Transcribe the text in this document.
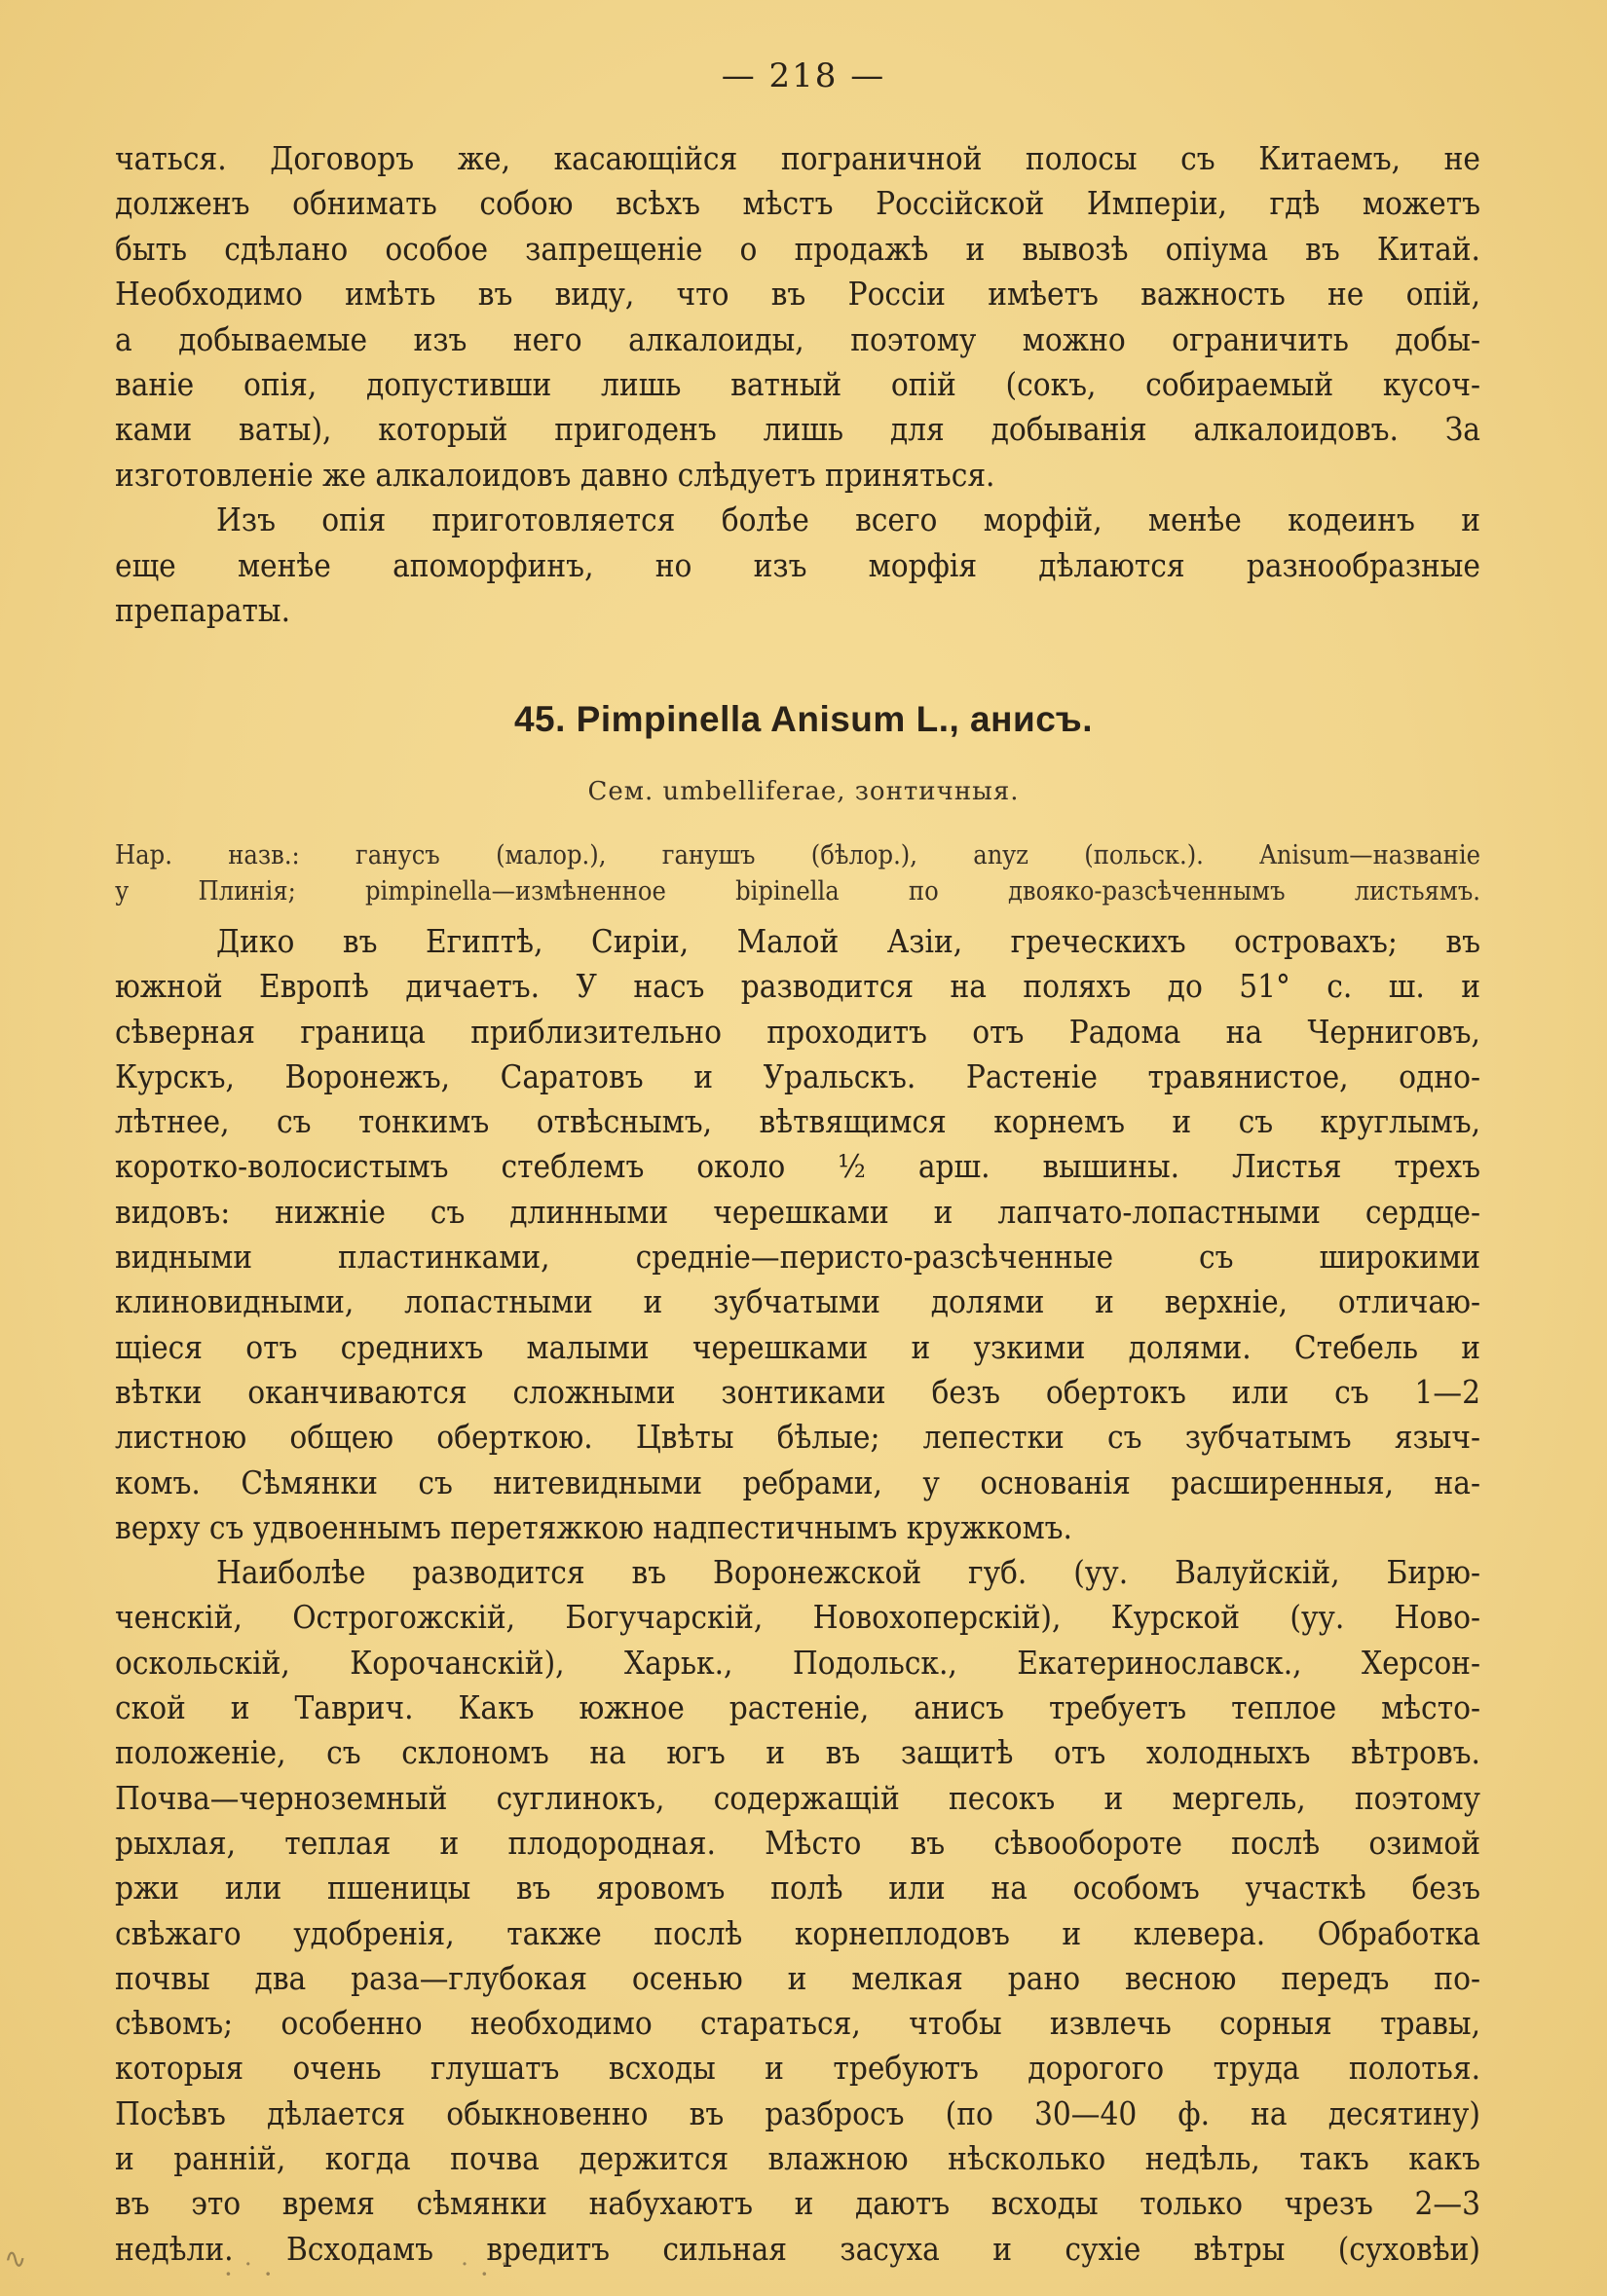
— 218 —
чаться. Договоръ же, касающійся пограничной полосы съ Китаемъ, не
долженъ обнимать собою всѣхъ мѣстъ Россійской Имперіи, гдѣ можетъ
быть сдѣлано особое запрещеніе о продажѣ и вывозѣ опіума въ Китай.
Необходимо имѣть въ виду, что въ Россіи имѣетъ важность не опій,
а добываемые изъ него алкалоиды, поэтому можно ограничить добы-
ваніе опія, допустивши лишь ватный опій (сокъ, собираемый кусоч-
ками ваты), который пригоденъ лишь для добыванія алкалоидовъ. За
изготовленіе же алкалоидовъ давно слѣдуетъ приняться.
Изъ опія приготовляется болѣе всего морфій, менѣе кодеинъ и
еще менѣе апоморфинъ, но изъ морфія дѣлаются разнообразные
препараты.
45. Pimpinella Anisum L., анисъ.
Сем. umbelliferae, зонтичныя.
Нар. назв.: ганусъ (малор.), ганушъ (бѣлор.), anyz (польск.). Anisum—названіе
у Плинія; pimpinella—измѣненное bipinella по двояко-разсѣченнымъ листьямъ.
Дико въ Египтѣ, Сиріи, Малой Азіи, греческихъ островахъ; въ
южной Европѣ дичаетъ. У насъ разводится на поляхъ до 51° с. ш. и
сѣверная граница приблизительно проходитъ отъ Радома на Черниговъ,
Курскъ, Воронежъ, Саратовъ и Уральскъ. Растеніе травянистое, одно-
лѣтнее, съ тонкимъ отвѣснымъ, вѣтвящимся корнемъ и съ круглымъ,
коротко-волосистымъ стеблемъ около ½ арш. вышины. Листья трехъ
видовъ: нижніе съ длинными черешками и лапчато-лопастными сердце-
видными пластинками, средніе—перисто-разсѣченные съ широкими
клиновидными, лопастными и зубчатыми долями и верхніе, отличаю-
щіеся отъ среднихъ малыми черешками и узкими долями. Стебель и
вѣтки оканчиваются сложными зонтиками безъ обертокъ или съ 1—2
листною общею оберткою. Цвѣты бѣлые; лепестки съ зубчатымъ языч-
комъ. Сѣмянки съ нитевидными ребрами, у основанія расширенныя, на-
верху съ удвоеннымъ перетяжкою надпестичнымъ кружкомъ.
Наиболѣе разводится въ Воронежской губ. (уу. Валуйскій, Бирю-
ченскій, Острогожскій, Богучарскій, Новохоперскій), Курской (уу. Ново-
оскольскій, Корочанскій), Харьк., Подольск., Екатеринославск., Херсон-
ской и Таврич. Какъ южное растеніе, анисъ требуетъ теплое мѣсто-
положеніе, съ склономъ на югъ и въ защитѣ отъ холодныхъ вѣтровъ.
Почва—черноземный суглинокъ, содержащій песокъ и мергель, поэтому
рыхлая, теплая и плодородная. Мѣсто въ сѣвообороте послѣ озимой
ржи или пшеницы въ яровомъ полѣ или на особомъ участкѣ безъ
свѣжаго удобренія, также послѣ корнеплодовъ и клевера. Обработка
почвы два раза—глубокая осенью и мелкая рано весною передъ по-
сѣвомъ; особенно необходимо стараться, чтобы извлечь сорныя травы,
которыя очень глушатъ всходы и требуютъ дорогого труда полотья.
Посѣвъ дѣлается обыкновенно въ разбросъ (по 30—40 ф. на десятину)
и ранній, когда почва держится влажною нѣсколько недѣль, такъ какъ
въ это время сѣмянки набухаютъ и даютъ всходы только чрезъ 2—3
недѣли. Всходамъ вредитъ сильная засуха и сухіе вѣтры (суховѣи)
∿	· ˙ ·	˙ · ˙
